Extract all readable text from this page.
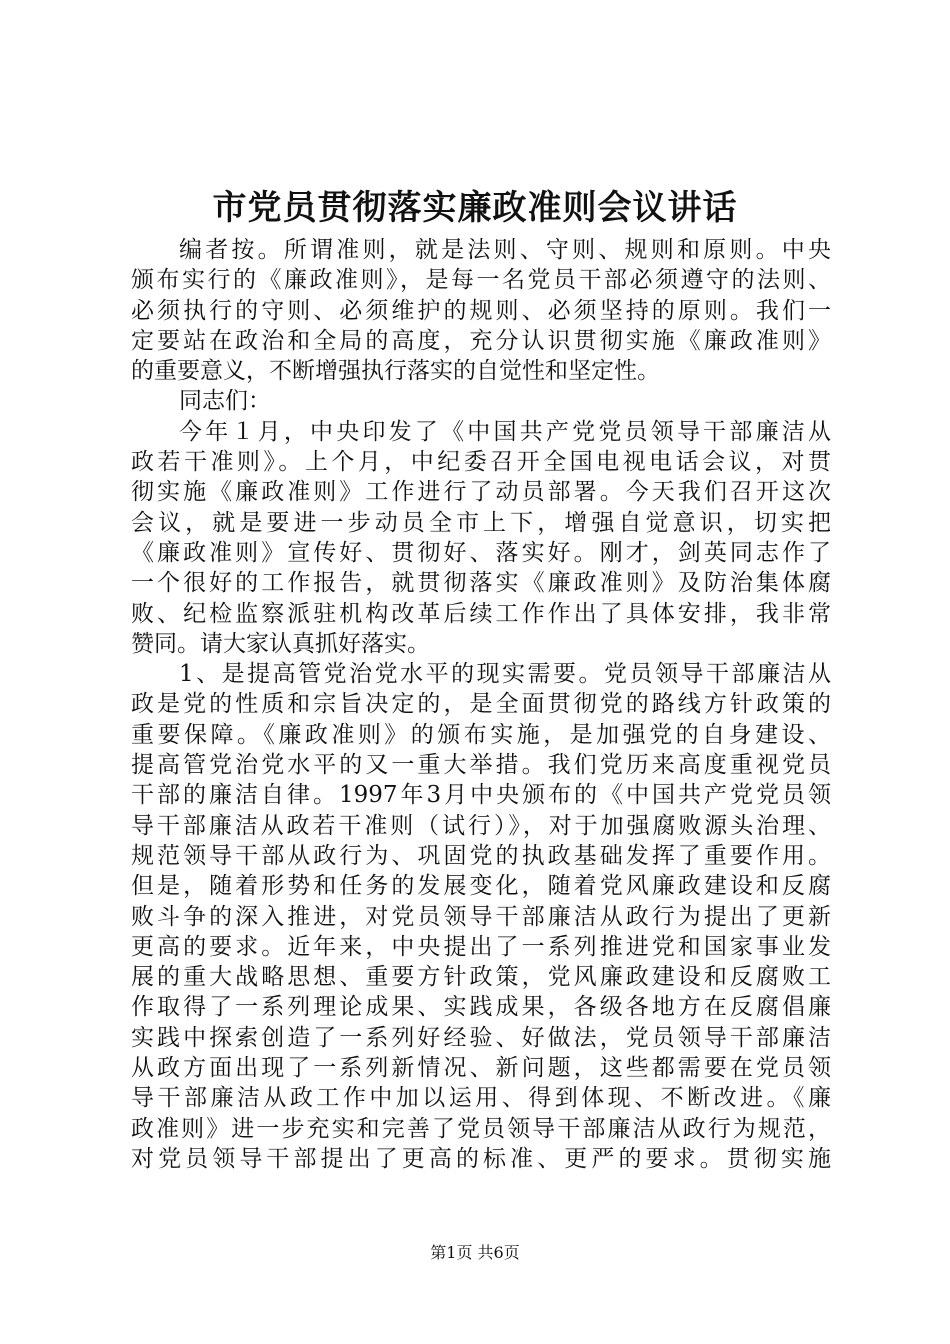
市党员贯彻落实廉政准则会议讲话
编者按。所谓准则，就是法则、守则、规则和原则。中央
颁布实行的《廉政准则》，是每一名党员干部必须遵守的法则、
必须执行的守则、必须维护的规则、必须坚持的原则。我们一
定要站在政治和全局的高度，充分认识贯彻实施《廉政准则》
的重要意义，不断增强执行落实的自觉性和坚定性。
同志们：
今年１月，中央印发了《中国共产党党员领导干部廉洁从
政若干准则》。上个月，中纪委召开全国电视电话会议，对贯
彻实施《廉政准则》工作进行了动员部署。今天我们召开这次
会议，就是要进一步动员全市上下，增强自觉意识，切实把
《廉政准则》宣传好、贯彻好、落实好。刚才，剑英同志作了
一个很好的工作报告，就贯彻落实《廉政准则》及防治集体腐
败、纪检监察派驻机构改革后续工作作出了具体安排，我非常
赞同。请大家认真抓好落实。
1、是提高管党治党水平的现实需要。党员领导干部廉洁从
政是党的性质和宗旨决定的，是全面贯彻党的路线方针政策的
重要保障。《廉政准则》的颁布实施，是加强党的自身建设、
提高管党治党水平的又一重大举措。我们党历来高度重视党员
干部的廉洁自律。1997年3月中央颁布的《中国共产党党员领
导干部廉洁从政若干准则（试行）》，对于加强腐败源头治理、
规范领导干部从政行为、巩固党的执政基础发挥了重要作用。
但是，随着形势和任务的发展变化，随着党风廉政建设和反腐
败斗争的深入推进，对党员领导干部廉洁从政行为提出了更新
更高的要求。近年来，中央提出了一系列推进党和国家事业发
展的重大战略思想、重要方针政策，党风廉政建设和反腐败工
作取得了一系列理论成果、实践成果，各级各地方在反腐倡廉
实践中探索创造了一系列好经验、好做法，党员领导干部廉洁
从政方面出现了一系列新情况、新问题，这些都需要在党员领
导干部廉洁从政工作中加以运用、得到体现、不断改进。《廉
政准则》进一步充实和完善了党员领导干部廉洁从政行为规范，
对党员领导干部提出了更高的标准、更严的要求。贯彻实施
第1页 共6页
